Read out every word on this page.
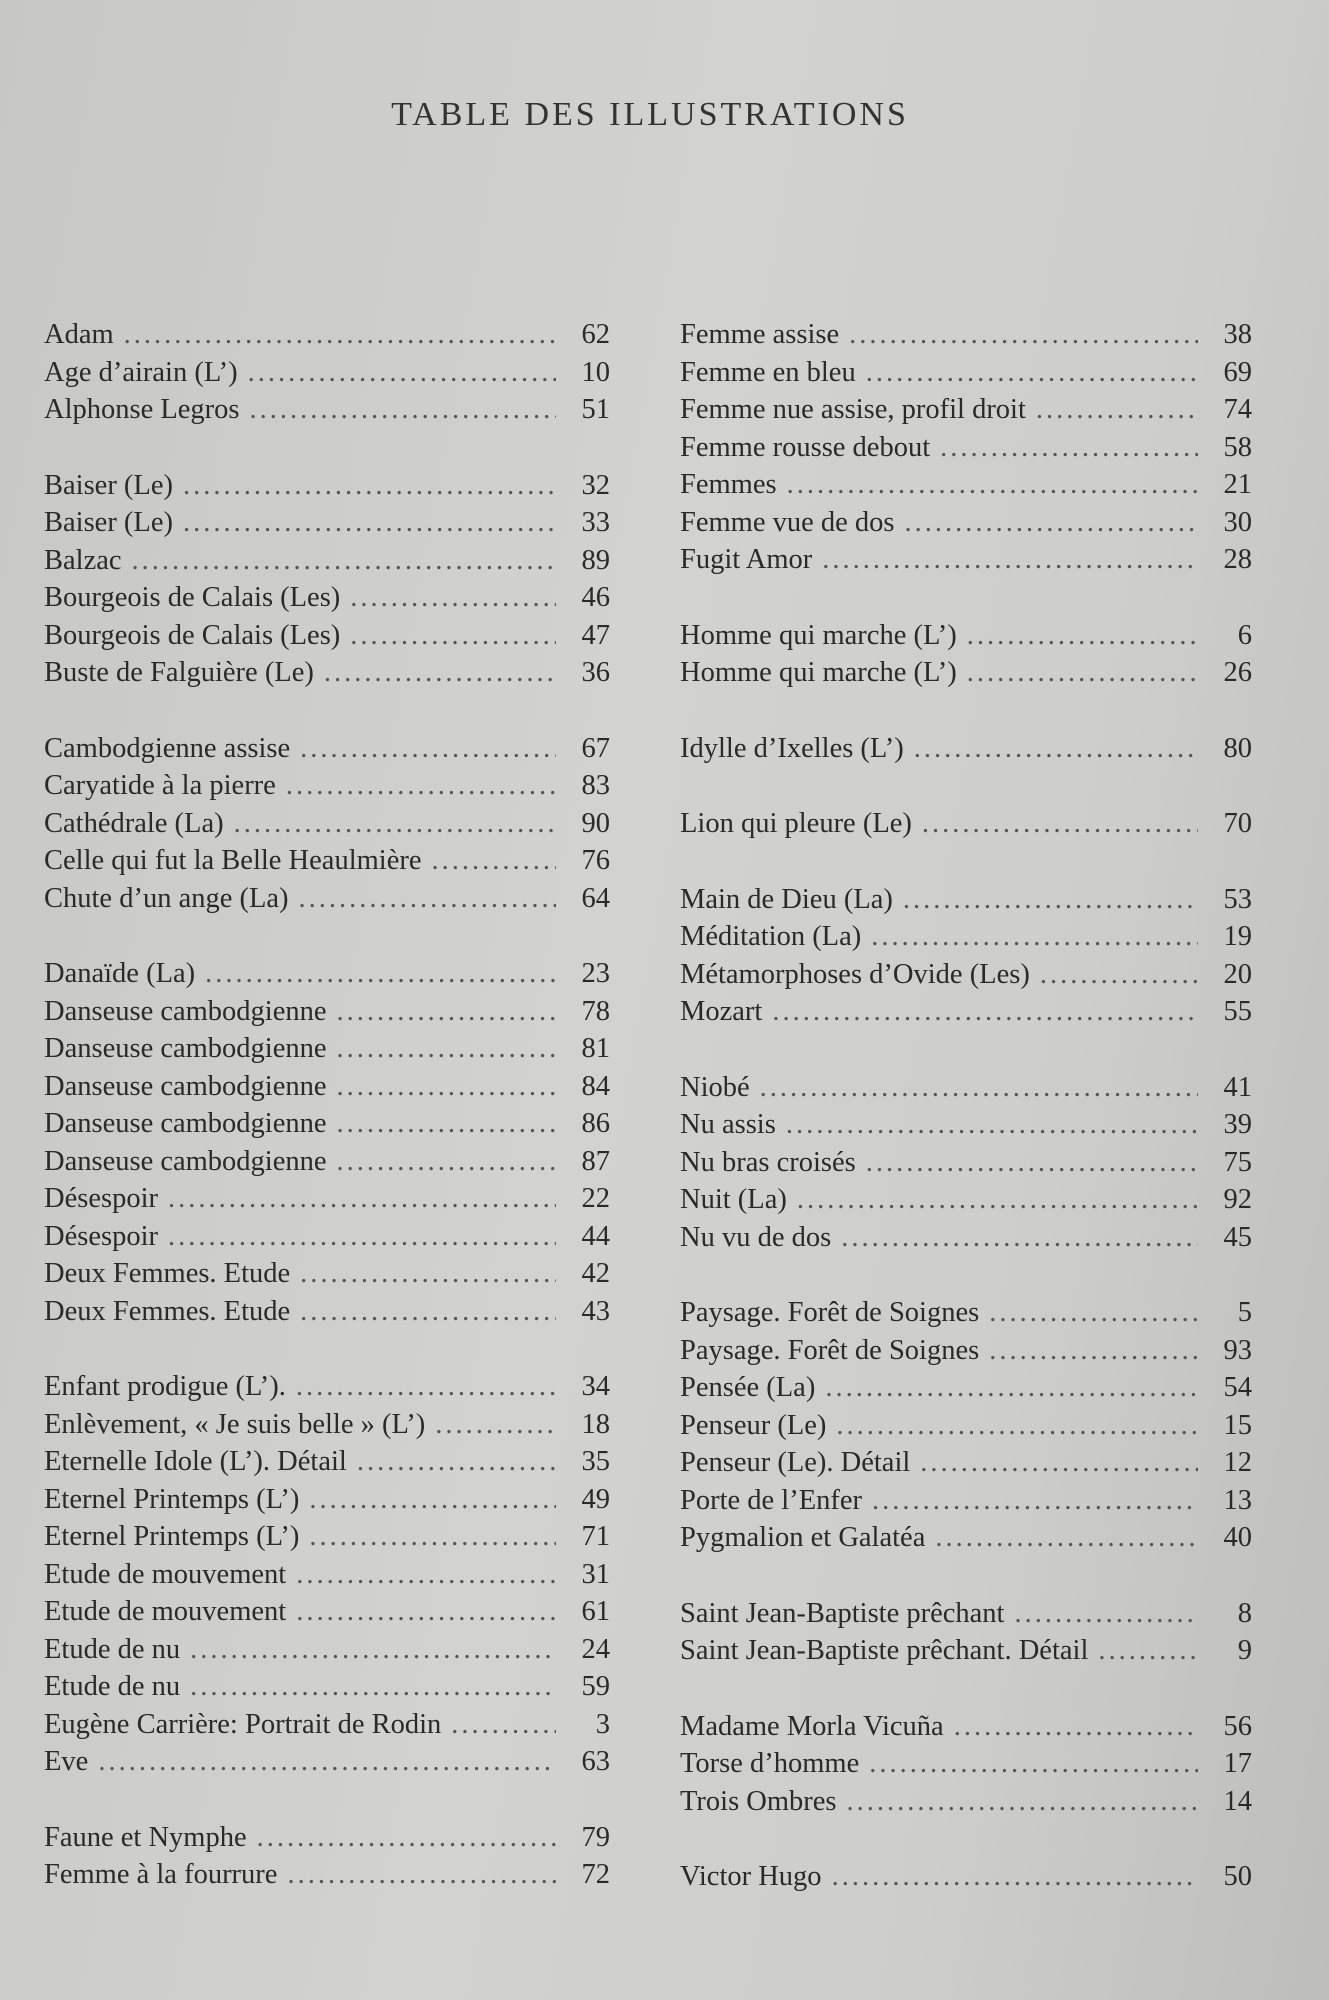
TABLE DES ILLUSTRATIONS
Adam .....	62
Age d’airain (L’) .....	10
Alphonse Legros .....	51
Baiser (Le) .....	32
Baiser (Le) .....	33
Balzac .....	89
Bourgeois de Calais (Les) .....	46
Bourgeois de Calais (Les) .....	47
Buste de Falguière (Le) .....	36
Cambodgienne assise .....	67
Caryatide à la pierre .....	83
Cathédrale (La) .....	90
Celle qui fut la Belle Heaulmière .....	76
Chute d’un ange (La) .....	64
Danaïde (La) .....	23
Danseuse cambodgienne .....	78
Danseuse cambodgienne .....	81
Danseuse cambodgienne .....	84
Danseuse cambodgienne .....	86
Danseuse cambodgienne .....	87
Désespoir .....	22
Désespoir .....	44
Deux Femmes. Etude .....	42
Deux Femmes. Etude .....	43
Enfant prodigue (L’). .....	34
Enlèvement, « Je suis belle » (L’) .....	18
Eternelle Idole (L’). Détail .....	35
Eternel Printemps (L’) .....	49
Eternel Printemps (L’) .....	71
Etude de mouvement .....	31
Etude de mouvement .....	61
Etude de nu .....	24
Etude de nu .....	59
Eugène Carrière: Portrait de Rodin .....	3
Eve .....	63
Faune et Nymphe .....	79
Femme à la fourrure .....	72
Femme assise .....	38
Femme en bleu .....	69
Femme nue assise, profil droit .....	74
Femme rousse debout .....	58
Femmes .....	21
Femme vue de dos .....	30
Fugit Amor .....	28
Homme qui marche (L’) .....	6
Homme qui marche (L’) .....	26
Idylle d’Ixelles (L’) .....	80
Lion qui pleure (Le) .....	70
Main de Dieu (La) .....	53
Méditation (La) .....	19
Métamorphoses d’Ovide (Les) .....	20
Mozart .....	55
Niobé .....	41
Nu assis .....	39
Nu bras croisés .....	75
Nuit (La) .....	92
Nu vu de dos .....	45
Paysage. Forêt de Soignes .....	5
Paysage. Forêt de Soignes .....	93
Pensée (La) .....	54
Penseur (Le) .....	15
Penseur (Le). Détail .....	12
Porte de l’Enfer .....	13
Pygmalion et Galatéa .....	40
Saint Jean-Baptiste prêchant .....	8
Saint Jean-Baptiste prêchant. Détail .....	9
Madame Morla Vicuña .....	56
Torse d’homme .....	17
Trois Ombres .....	14
Victor Hugo .....	50
